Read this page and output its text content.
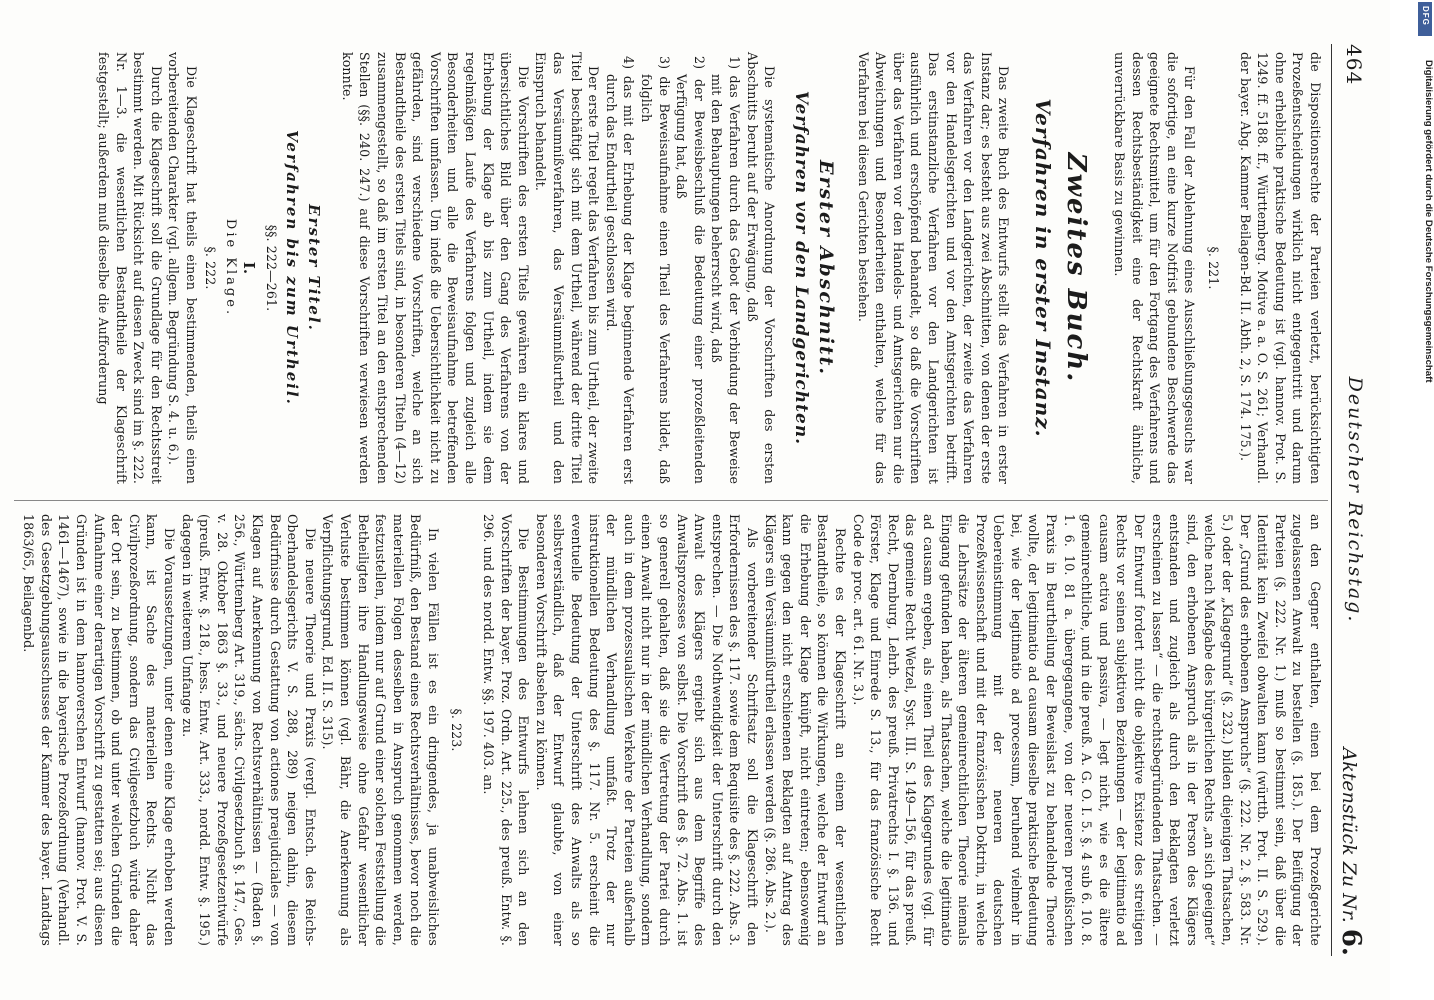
464
Deutscher Reichstag.
Aktenstück Zu Nr.6.

die Dispositionsrechte der Parteien verletzt, berücksichtigten Prozeßentscheidungen wirklich nicht entgegentritt und darum ohne erhebliche praktische Bedeutung ist (vgl. hannov. Prot. S. 1249. ff. 5188. ff., Württemberg. Motive a. a. O. S. 261; Verhandl. der bayer. Abg. Kammer Beilagen-Bd. II. Abth. 2, S. 174. 175.).

§. 221.

Für den Fall der Ablehnung eines Ausschließungsgesuchs war die sofortige, an eine kurze Notfrist gebundene Beschwerde das geeignete Rechtsmittel, um für den Fortgang des Verfahrens und dessen Rechtsbeständigkeit eine der Rechtskraft ähnliche, unverrückbare Basis zu gewinnen.

Zweites Buch.

Verfahren in erster Instanz.

Das zweite Buch des Entwurfs stellt das Verfahren in erster Instanz dar; es besteht aus zwei Abschnitten, von denen der erste das Verfahren vor den Landgerichten, der zweite das Verfahren vor den Handelsgerichten und vor den Amtsgerichten betrifft. Das erstinstanzliche Verfahren vor den Landgerichten ist ausführlich und erschöpfend behandelt, so daß die Vorschriften über das Verfahren vor den Handels- und Amtsgerichten nur die Abweichungen und Besonderheiten enthalten, welche für das Verfahren bei diesen Gerichten bestehen.

Erster Abschnitt.

Verfahren vor den Landgerichten.

Die systematische Anordnung der Vorschriften des ersten Abschnitts beruht auf der Erwägung, daß

1) das Verfahren durch das Gebot der Verbindung der Beweise mit den Behauptungen beherrscht wird, daß

2) der Beweisbeschluß die Bedeutung einer prozeßleitenden Verfügung hat, daß

3) die Beweisaufnahme einen Theil des Verfahrens bildet, daß folglich

4) das mit der Erhebung der Klage beginnende Verfahren erst durch das Endurtheil geschlossen wird.

Der erste Titel regelt das Verfahren bis zum Urtheil, der zweite Titel beschäftigt sich mit dem Urtheil, während der dritte Titel das Versäumnißverfahren, das Versäumnißurtheil und den Einspruch behandelt.

Die Vorschriften des ersten Titels gewähren ein klares und übersichtliches Bild über den Gang des Verfahrens von der Erhebung der Klage ab bis zum Urtheil, indem sie dem regelmäßigen Laufe des Verfahrens folgen und zugleich alle Besonderheiten und alle die Beweisaufnahme betreffenden Vorschriften umfassen. Um indeß die Uebersichtlichkeit nicht zu gefährden, sind verschiedene Vorschriften, welche an sich Bestandtheile des ersten Titels sind, in besonderen Titeln (4—12) zusammengestellt, so daß im ersten Titel an den entsprechenden Stellen (§§. 240. 247.) auf diese Vorschriften verwiesen werden konnte.

Erster Titel.

Verfahren bis zum Urtheil.

§§. 222—261.

I.

Die Klage.

§. 222.

Die Klageschrift hat theils einen bestimmenden, theils einen vorbereitenden Charakter (vgl. allgem. Begründung S. 4. u. 6.).

Durch die Klageschrift soll die Grundlage für den Rechtsstreit bestimmt werden. Mit Rücksicht auf diesen Zweck sind im §. 222. Nr. 1—3. die wesentlichen Bestandtheile der Klageschrift festgestellt; außerdem muß dieselbe die Aufforderung

an den Gegner enthalten, einen bei dem Prozeßgerichte zugelassenen Anwalt zu bestellen (§. 185.). Der Beifügung der Parteien (§. 222. Nr. 1.) muß so bestimmt sein, daß über die Identität kein Zweifel obwalten kann (württb. Prot. II. S. 529.). Der „Grund des erhobenen Anspruchs“ (§. 222. Nr. 2. §. 583. Nr. 5.) oder der „Klagegrund“ (§. 232.) bilden diejenigen Thatsachen, welche nach Maßgabe des bürgerlichen Rechts „an sich geeignet“ sind, den erhobenen Anspruch als in der Person des Klägers entstanden und zugleich als durch den Beklagten verletzt erscheinen zu lassen“ — die rechtsbegründenden Thatsachen. — Der Entwurf fordert nicht die objektive Existenz des streitigen Rechts vor seinen subjektiven Beziehungen — der legitimatio ad causam activa und passiva, — legt nicht, wie es die ältere gemeinrechtliche, und in die preuß. A. G. O. I. 5. §. 4 sub 6. 10. 8. 1. 6. 10. 81 a. übergegangene, von der neueren preußischen Praxis in Beurtheilung der Beweislast zu behandelnde Theorie wollte, der legitimatio ad causam dieselbe praktische Bedeutung bei, wie der legitimatio ad processum, beruhend vielmehr in Uebereinstimmung mit der neueren deutschen Prozeßwissenschaft und mit der französischen Doktrin, in welche die Lehrsätze der älteren gemeinrechtlichen Theorie niemals Eingang gefunden haben, als Thatsachen, welche die legitimatio ad causam ergeben, als einen Theil des Klagegrundes (vgl. für das gemeine Recht Wetzel, Syst. III. S. 149—156, für das preuß. Recht, Dernburg, Lehrb. des preuß. Privatrechts I. §. 136. und Förster, Klage und Einrede S. 13., für das französische Recht Code de proc. art. 61. Nr. 3.).

Rechte es der Klageschrift an einem der wesentlichen Bestandtheile, so können die Wirkungen, welche der Entwurf an die Erhebung der Klage knüpft, nicht eintreten; ebensowenig kann gegen den nicht erschienenen Beklagten auf Antrag des Klägers ein Versäumnißurtheil erlassen werden (§. 286. Abs. 2.).

Als vorbereitender Schriftsatz soll die Klageschrift den Erfordernissen des §. 117. sowie dem Requisite des §. 222. Abs. 3. entsprechen. — Die Nothwendigkeit der Unterschrift durch den Anwalt des Klägers ergiebt sich aus dem Begriffe des Anwaltsprozesses von selbst. Die Vorschrift des §. 72. Abs. 1. ist so generell gehalten, daß sie die Vertretung der Partei durch einen Anwalt nicht nur in der mündlichen Verhandlung, sondern auch in dem prozessualischen Verkehre der Parteien außerhalb der mündlichen Verhandlung umfaßt. Trotz der nur instruktionellen Bedeutung des §. 117. Nr. 5. erscheint die eventuelle Bedeutung der Unterschrift des Anwalts als so selbstverständlich, daß der Entwurf glaubte, von einer besonderen Vorschrift absehen zu können.

Die Bestimmungen des Entwurfs lehnen sich an den Vorschriften der bayer. Proz. Ordn. Art. 225., des preuß. Entw. §. 296. und des nordd. Entw. §§. 197. 403. an.

§. 223.

In vielen Fällen ist es ein dringendes, ja unabweisliches Bedürfniß, den Bestand eines Rechtsverhältnisses, bevor noch die materiellen Folgen desselben in Anspruch genommen werden, festzustellen, indem nur auf Grund einer solchen Feststellung die Betheiligten ihre Handlungsweise ohne Gefahr wesentlicher Verluste bestimmen können (vgl. Bähr, die Anerkennung als Verpflichtungsgrund, Ed. II. S. 315).

Die neuere Theorie und Praxis (vergl. Entsch. des Reichs-Oberhandelsgerichts V. S. 288, 289) neigen dahin, diesem Bedürfnisse durch Gestattung von actiones praejudiciales — von Klagen auf Anerkennung von Rechtsverhältnissen — (Baden §. 256., Württemberg Art. 319., sächs. Civilgesetzbuch §. 147., Ges. v. 28. Oktober 1863 §. 33., und neuere Prozeßgesetzentwürfe (preuß. Entw. §. 218., hess. Entw. Art. 333., nordd. Entw. §. 195.) dagegen in weiterem Umfange zu.

Die Voraussetzungen, unter denen eine Klage erhoben werden kann, ist Sache des materiellen Rechts. Nicht das Civilprozeßordnung, sondern das Civilgesetzbuch würde daher der Ort sein, zu bestimmen, ob und unter welchen Gründen die Aufnahme einer derartigen Vorschrift zu gestatten sei; aus diesen Gründen ist in dem hannoverschen Entwurf (hannov. Prot. V. S. 1461—1467), sowie in die bayerische Prozeßordnung (Verhandl. des Gesetzgebungsausschusses der Kammer des bayer. Landtags 1863/65, Beilagenbd.

DFG
Digitalisierung gefördert durch die Deutsche Forschungsgemeinschaft
